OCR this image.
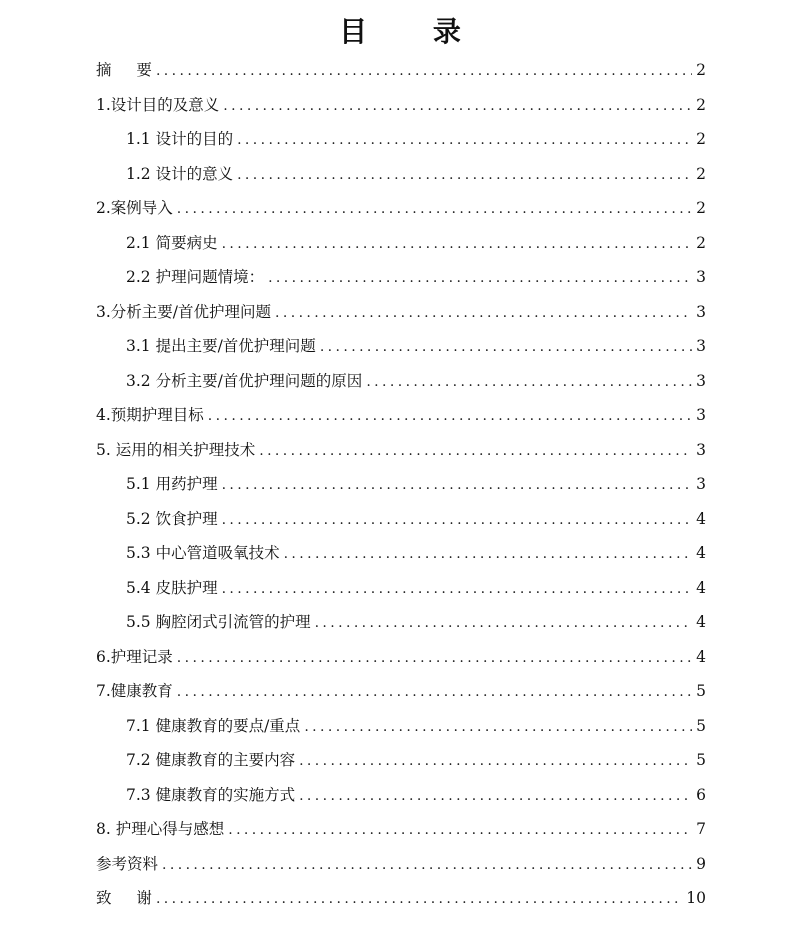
目 录
摘 要 .....	2
1.设计目的及意义 .....	2
1.1 设计的目的 .....	2
1.2 设计的意义 .....	2
2.案例导入 .....	2
2.1 简要病史 .....	2
2.2 护理问题情境： .....	3
3.分析主要/首优护理问题 .....	3
3.1 提出主要/首优护理问题 .....	3
3.2 分析主要/首优护理问题的原因 .....	3
4.预期护理目标 .....	3
5. 运用的相关护理技术 .....	3
5.1 用药护理 .....	3
5.2 饮食护理 .....	4
5.3 中心管道吸氧技术 .....	4
5.4 皮肤护理 .....	4
5.5 胸腔闭式引流管的护理 .....	4
6.护理记录 .....	4
7.健康教育 .....	5
7.1 健康教育的要点/重点 .....	5
7.2 健康教育的主要内容 .....	5
7.3 健康教育的实施方式 .....	6
8. 护理心得与感想 .....	7
参考资料 .....	9
致 谢 .....	10
